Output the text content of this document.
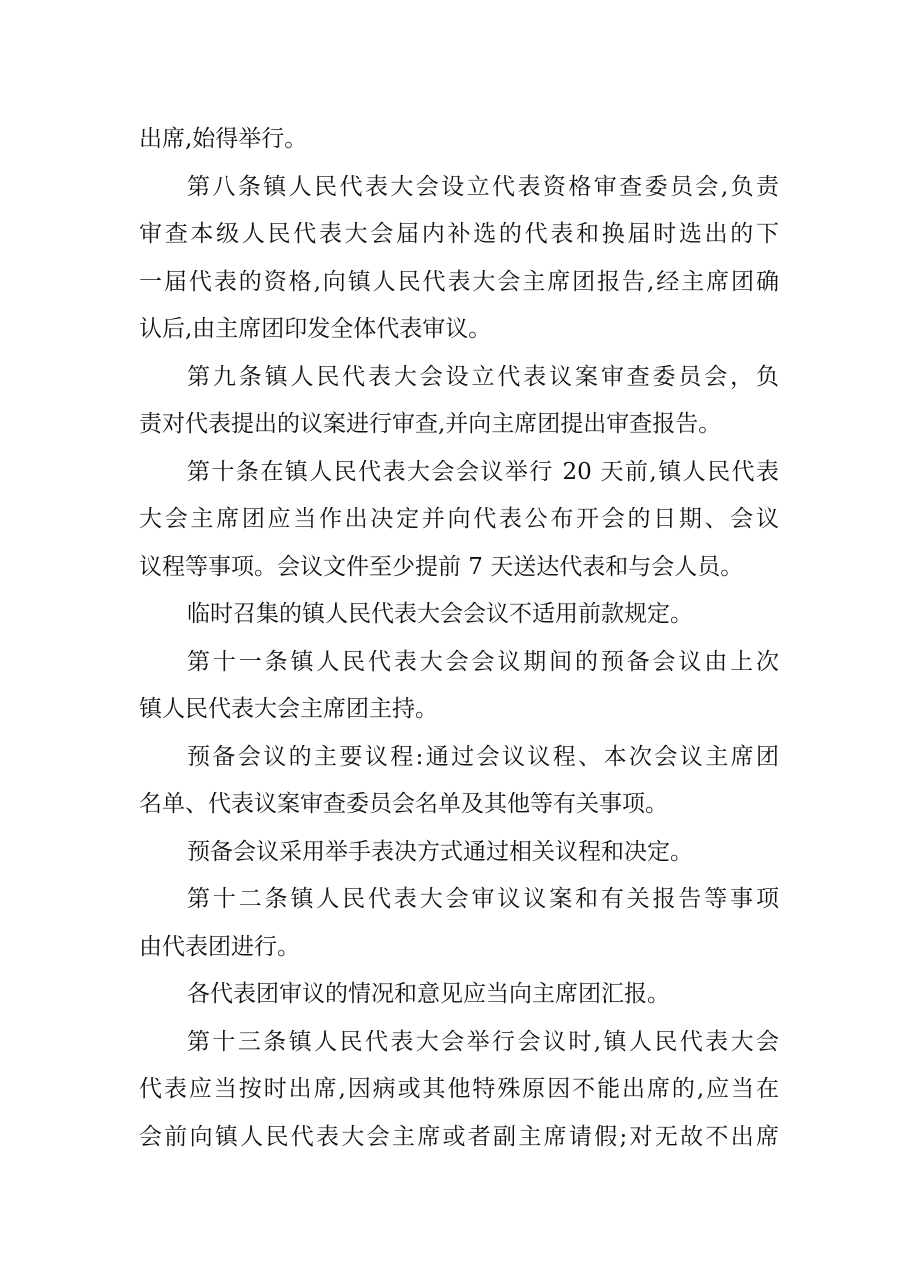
出席,始得举行。
第八条镇人民代表大会设立代表资格审查委员会,负责
审查本级人民代表大会届内补选的代表和换届时选出的下
一届代表的资格,向镇人民代表大会主席团报告,经主席团确
认后,由主席团印发全体代表审议。
第九条镇人民代表大会设立代表议案审查委员会，负
责对代表提出的议案进行审查,并向主席团提出审查报告。
第十条在镇人民代表大会会议举行 20 天前,镇人民代表
大会主席团应当作出决定并向代表公布开会的日期、会议
议程等事项。会议文件至少提前 7 天送达代表和与会人员。
临时召集的镇人民代表大会会议不适用前款规定。
第十一条镇人民代表大会会议期间的预备会议由上次
镇人民代表大会主席团主持。
预备会议的主要议程:通过会议议程、本次会议主席团
名单、代表议案审查委员会名单及其他等有关事项。
预备会议采用举手表决方式通过相关议程和决定。
第十二条镇人民代表大会审议议案和有关报告等事项
由代表团进行。
各代表团审议的情况和意见应当向主席团汇报。
第十三条镇人民代表大会举行会议时,镇人民代表大会
代表应当按时出席,因病或其他特殊原因不能出席的,应当在
会前向镇人民代表大会主席或者副主席请假;对无故不出席
